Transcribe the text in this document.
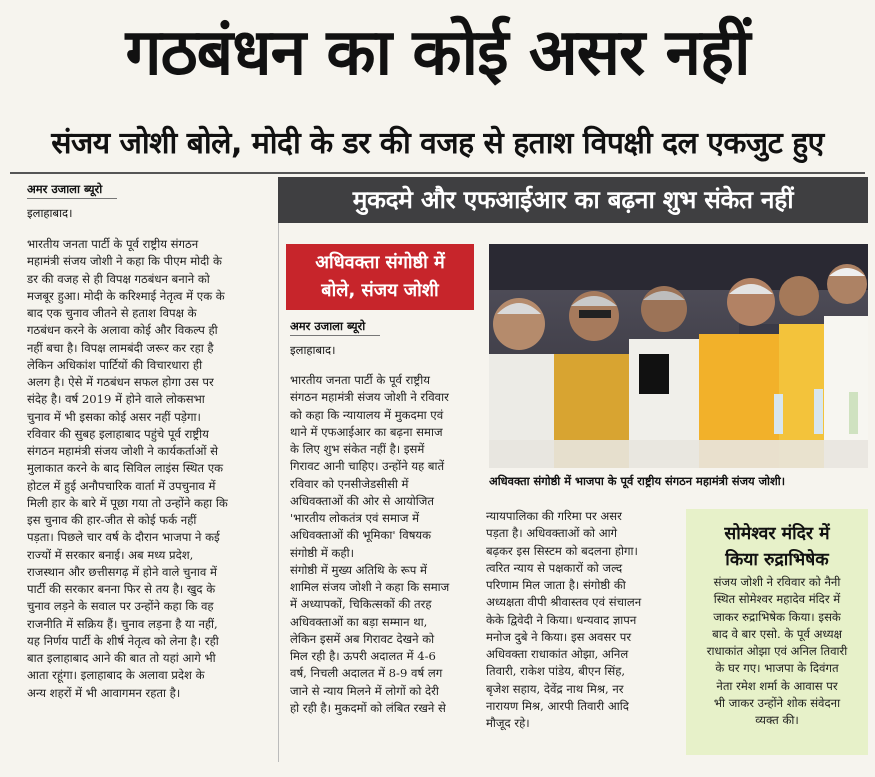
गठबंधन का कोई असर नहीं
संजय जोशी बोले, मोदी के डर की वजह से हताश विपक्षी दल एकजुट हुए
अमर उजाला ब्यूरो
इलाहाबाद।

भारतीय जनता पार्टी के पूर्व राष्ट्रीय संगठन
महामंत्री संजय जोशी ने कहा कि पीएम मोदी के
डर की वजह से ही विपक्ष गठबंधन बनाने को
मजबूर हुआ। मोदी के करिश्माई नेतृत्व में एक के
बाद एक चुनाव जीतने से हताश विपक्ष के
गठबंधन करने के अलावा कोई और विकल्प ही
नहीं बचा है। विपक्ष लामबंदी जरूर कर रहा है
लेकिन अधिकांश पार्टियों की विचारधारा ही
अलग है। ऐसे में गठबंधन सफल होगा उस पर
संदेह है। वर्ष 2019 में होने वाले लोकसभा
चुनाव में भी इसका कोई असर नहीं पड़ेगा।
रविवार की सुबह इलाहाबाद पहुंचे पूर्व राष्ट्रीय
संगठन महामंत्री संजय जोशी ने कार्यकर्ताओं से
मुलाकात करने के बाद सिविल लाइंस स्थित एक
होटल में हुई अनौपचारिक वार्ता में उपचुनाव में
मिली हार के बारे में पूछा गया तो उन्होंने कहा कि
इस चुनाव की हार-जीत से कोई फर्क नहीं
पड़ता। पिछले चार वर्ष के दौरान भाजपा ने कई
राज्यों में सरकार बनाई। अब मध्य प्रदेश,
राजस्थान और छत्तीसगढ़ में होने वाले चुनाव में
पार्टी की सरकार बनना फिर से तय है। खुद के
चुनाव लड़ने के सवाल पर उन्होंने कहा कि वह
राजनीति में सक्रिय हैं। चुनाव लड़ना है या नहीं,
यह निर्णय पार्टी के शीर्ष नेतृत्व को लेना है। रही
बात इलाहाबाद आने की बात तो यहां आगे भी
आता रहूंगा। इलाहाबाद के अलावा प्रदेश के
अन्य शहरों में भी आवागमन रहता है।

मुकदमे और एफआईआर का बढ़ना शुभ संकेत नहीं
अधिवक्ता संगोष्ठी में
बोले, संजय जोशी
अमर उजाला ब्यूरो
इलाहाबाद।

भारतीय जनता पार्टी के पूर्व राष्ट्रीय
संगठन महामंत्री संजय जोशी ने रविवार
को कहा कि न्यायालय में मुकदमा एवं
थाने में एफआईआर का बढ़ना समाज
के लिए शुभ संकेत नहीं है। इसमें
गिरावट आनी चाहिए। उन्होंने यह बातें
रविवार को एनसीजेडसीसी में
अधिवक्ताओं की ओर से आयोजित
'भारतीय लोकतंत्र एवं समाज में
अधिवक्ताओं की भूमिका' विषयक
संगोष्ठी में कही।
संगोष्ठी में मुख्य अतिथि के रूप में
शामिल संजय जोशी ने कहा कि समाज
में अध्यापकों, चिकित्सकों की तरह
अधिवक्ताओं का बड़ा सम्मान था,
लेकिन इसमें अब गिरावट देखने को
मिल रही है। ऊपरी अदालत में 4-6
वर्ष, निचली अदालत में 8-9 वर्ष लग
जाने से न्याय मिलने में लोगों को देरी
हो रही है। मुकदमों को लंबित रखने से

अधिवक्ता संगोष्ठी में भाजपा के पूर्व राष्ट्रीय संगठन महामंत्री संजय जोशी।

न्यायपालिका की गरिमा पर असर
पड़ता है। अधिवक्ताओं को आगे
बढ़कर इस सिस्टम को बदलना होगा।
त्वरित न्याय से पक्षकारों को जल्द
परिणाम मिल जाता है। संगोष्ठी की
अध्यक्षता वीपी श्रीवास्तव एवं संचालन
केके द्विवेदी ने किया। धन्यवाद ज्ञापन
मनोज दुबे ने किया। इस अवसर पर
अधिवक्ता राधाकांत ओझा, अनिल
तिवारी, राकेश पांडेय, बीएन सिंह,
बृजेश सहाय, देवेंद्र नाथ मिश्र, नर
नारायण मिश्र, आरपी तिवारी आदि
मौजूद रहे।

सोमेश्वर मंदिर में
किया रुद्राभिषेक

संजय जोशी ने रविवार को नैनी
स्थित सोमेश्वर महादेव मंदिर में
जाकर रुद्राभिषेक किया। इसके
बाद वे बार एसो. के पूर्व अध्यक्ष
राधाकांत ओझा एवं अनिल तिवारी
के घर गए। भाजपा के दिवंगत
नेता रमेश शर्मा के आवास पर
भी जाकर उन्होंने शोक संवेदना
व्यक्त की।
